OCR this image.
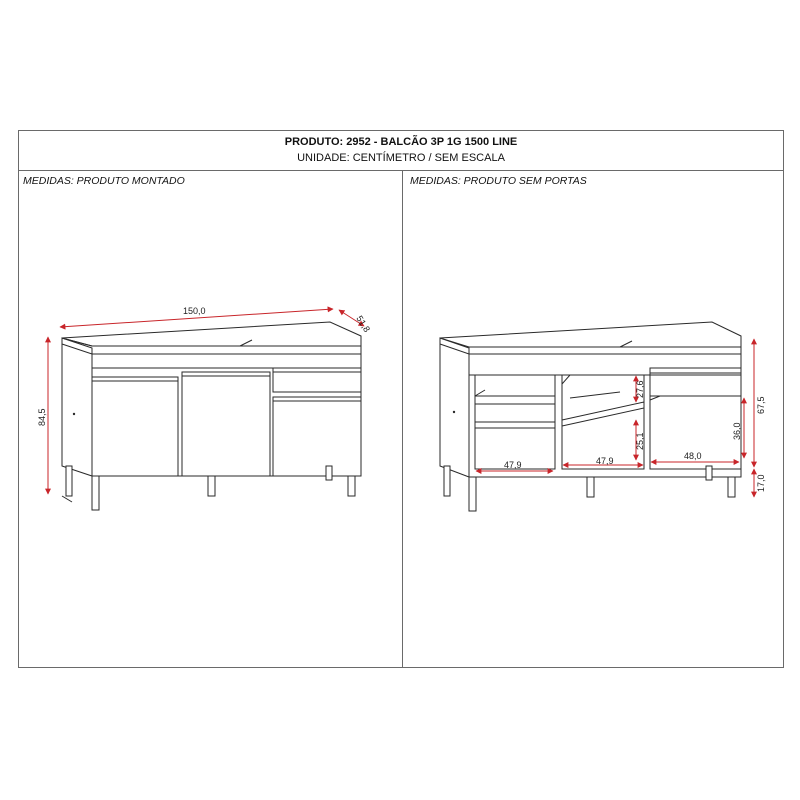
PRODUTO: 2952 - BALCÃO 3P 1G 1500 LINE
UNIDADE: CENTÍMETRO / SEM ESCALA
MEDIDAS: PRODUTO MONTADO	MEDIDAS: PRODUTO SEM PORTAS
150,0
51,8
84,5
47,9	47,9	48,0
27,6
25,1
36,0
67,5
17,0
